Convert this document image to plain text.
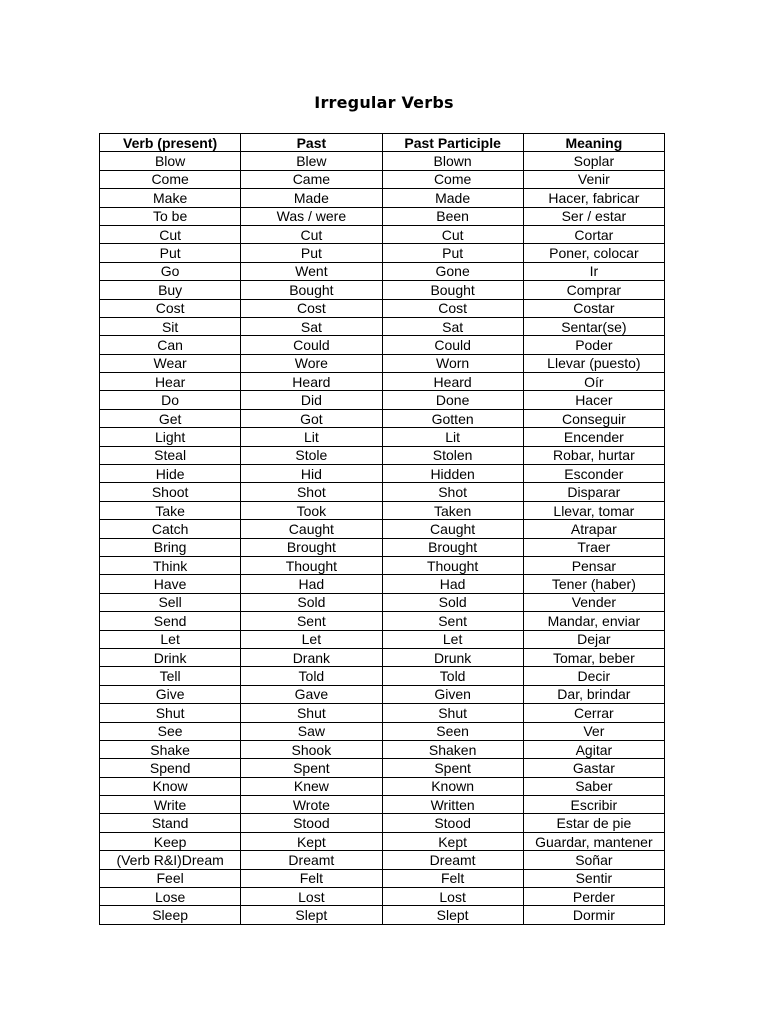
Irregular Verbs
Verb (present)	Past	Past Participle	Meaning
Blow	Blew	Blown	Soplar
Come	Came	Come	Venir
Make	Made	Made	Hacer, fabricar
To be	Was / were	Been	Ser / estar
Cut	Cut	Cut	Cortar
Put	Put	Put	Poner, colocar
Go	Went	Gone	Ir
Buy	Bought	Bought	Comprar
Cost	Cost	Cost	Costar
Sit	Sat	Sat	Sentar(se)
Can	Could	Could	Poder
Wear	Wore	Worn	Llevar (puesto)
Hear	Heard	Heard	Oír
Do	Did	Done	Hacer
Get	Got	Gotten	Conseguir
Light	Lit	Lit	Encender
Steal	Stole	Stolen	Robar, hurtar
Hide	Hid	Hidden	Esconder
Shoot	Shot	Shot	Disparar
Take	Took	Taken	Llevar, tomar
Catch	Caught	Caught	Atrapar
Bring	Brought	Brought	Traer
Think	Thought	Thought	Pensar
Have	Had	Had	Tener (haber)
Sell	Sold	Sold	Vender
Send	Sent	Sent	Mandar, enviar
Let	Let	Let	Dejar
Drink	Drank	Drunk	Tomar, beber
Tell	Told	Told	Decir
Give	Gave	Given	Dar, brindar
Shut	Shut	Shut	Cerrar
See	Saw	Seen	Ver
Shake	Shook	Shaken	Agitar
Spend	Spent	Spent	Gastar
Know	Knew	Known	Saber
Write	Wrote	Written	Escribir
Stand	Stood	Stood	Estar de pie
Keep	Kept	Kept	Guardar, mantener
(Verb R&I)Dream	Dreamt	Dreamt	Soñar
Feel	Felt	Felt	Sentir
Lose	Lost	Lost	Perder
Sleep	Slept	Slept	Dormir
